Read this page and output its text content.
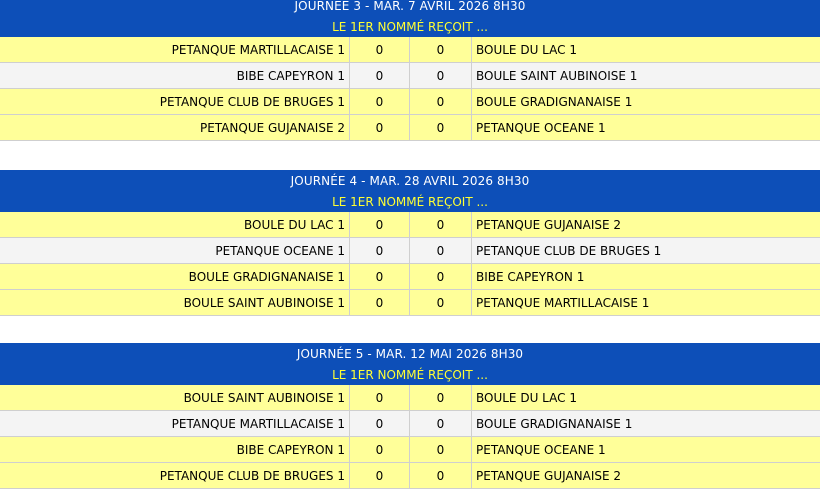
JOURNÉE 3 - MAR. 7 AVRIL 2026 8H30
LE 1ER NOMMÉ REÇOIT ...
PETANQUE MARTILLACAISE 1	0	0	BOULE DU LAC 1
BIBE CAPEYRON 1	0	0	BOULE SAINT AUBINOISE 1
PETANQUE CLUB DE BRUGES 1	0	0	BOULE GRADIGNANAISE 1
PETANQUE GUJANAISE 2	0	0	PETANQUE OCEANE 1
JOURNÉE 4 - MAR. 28 AVRIL 2026 8H30
LE 1ER NOMMÉ REÇOIT ...
BOULE DU LAC 1	0	0	PETANQUE GUJANAISE 2
PETANQUE OCEANE 1	0	0	PETANQUE CLUB DE BRUGES 1
BOULE GRADIGNANAISE 1	0	0	BIBE CAPEYRON 1
BOULE SAINT AUBINOISE 1	0	0	PETANQUE MARTILLACAISE 1
JOURNÉE 5 - MAR. 12 MAI 2026 8H30
LE 1ER NOMMÉ REÇOIT ...
BOULE SAINT AUBINOISE 1	0	0	BOULE DU LAC 1
PETANQUE MARTILLACAISE 1	0	0	BOULE GRADIGNANAISE 1
BIBE CAPEYRON 1	0	0	PETANQUE OCEANE 1
PETANQUE CLUB DE BRUGES 1	0	0	PETANQUE GUJANAISE 2
